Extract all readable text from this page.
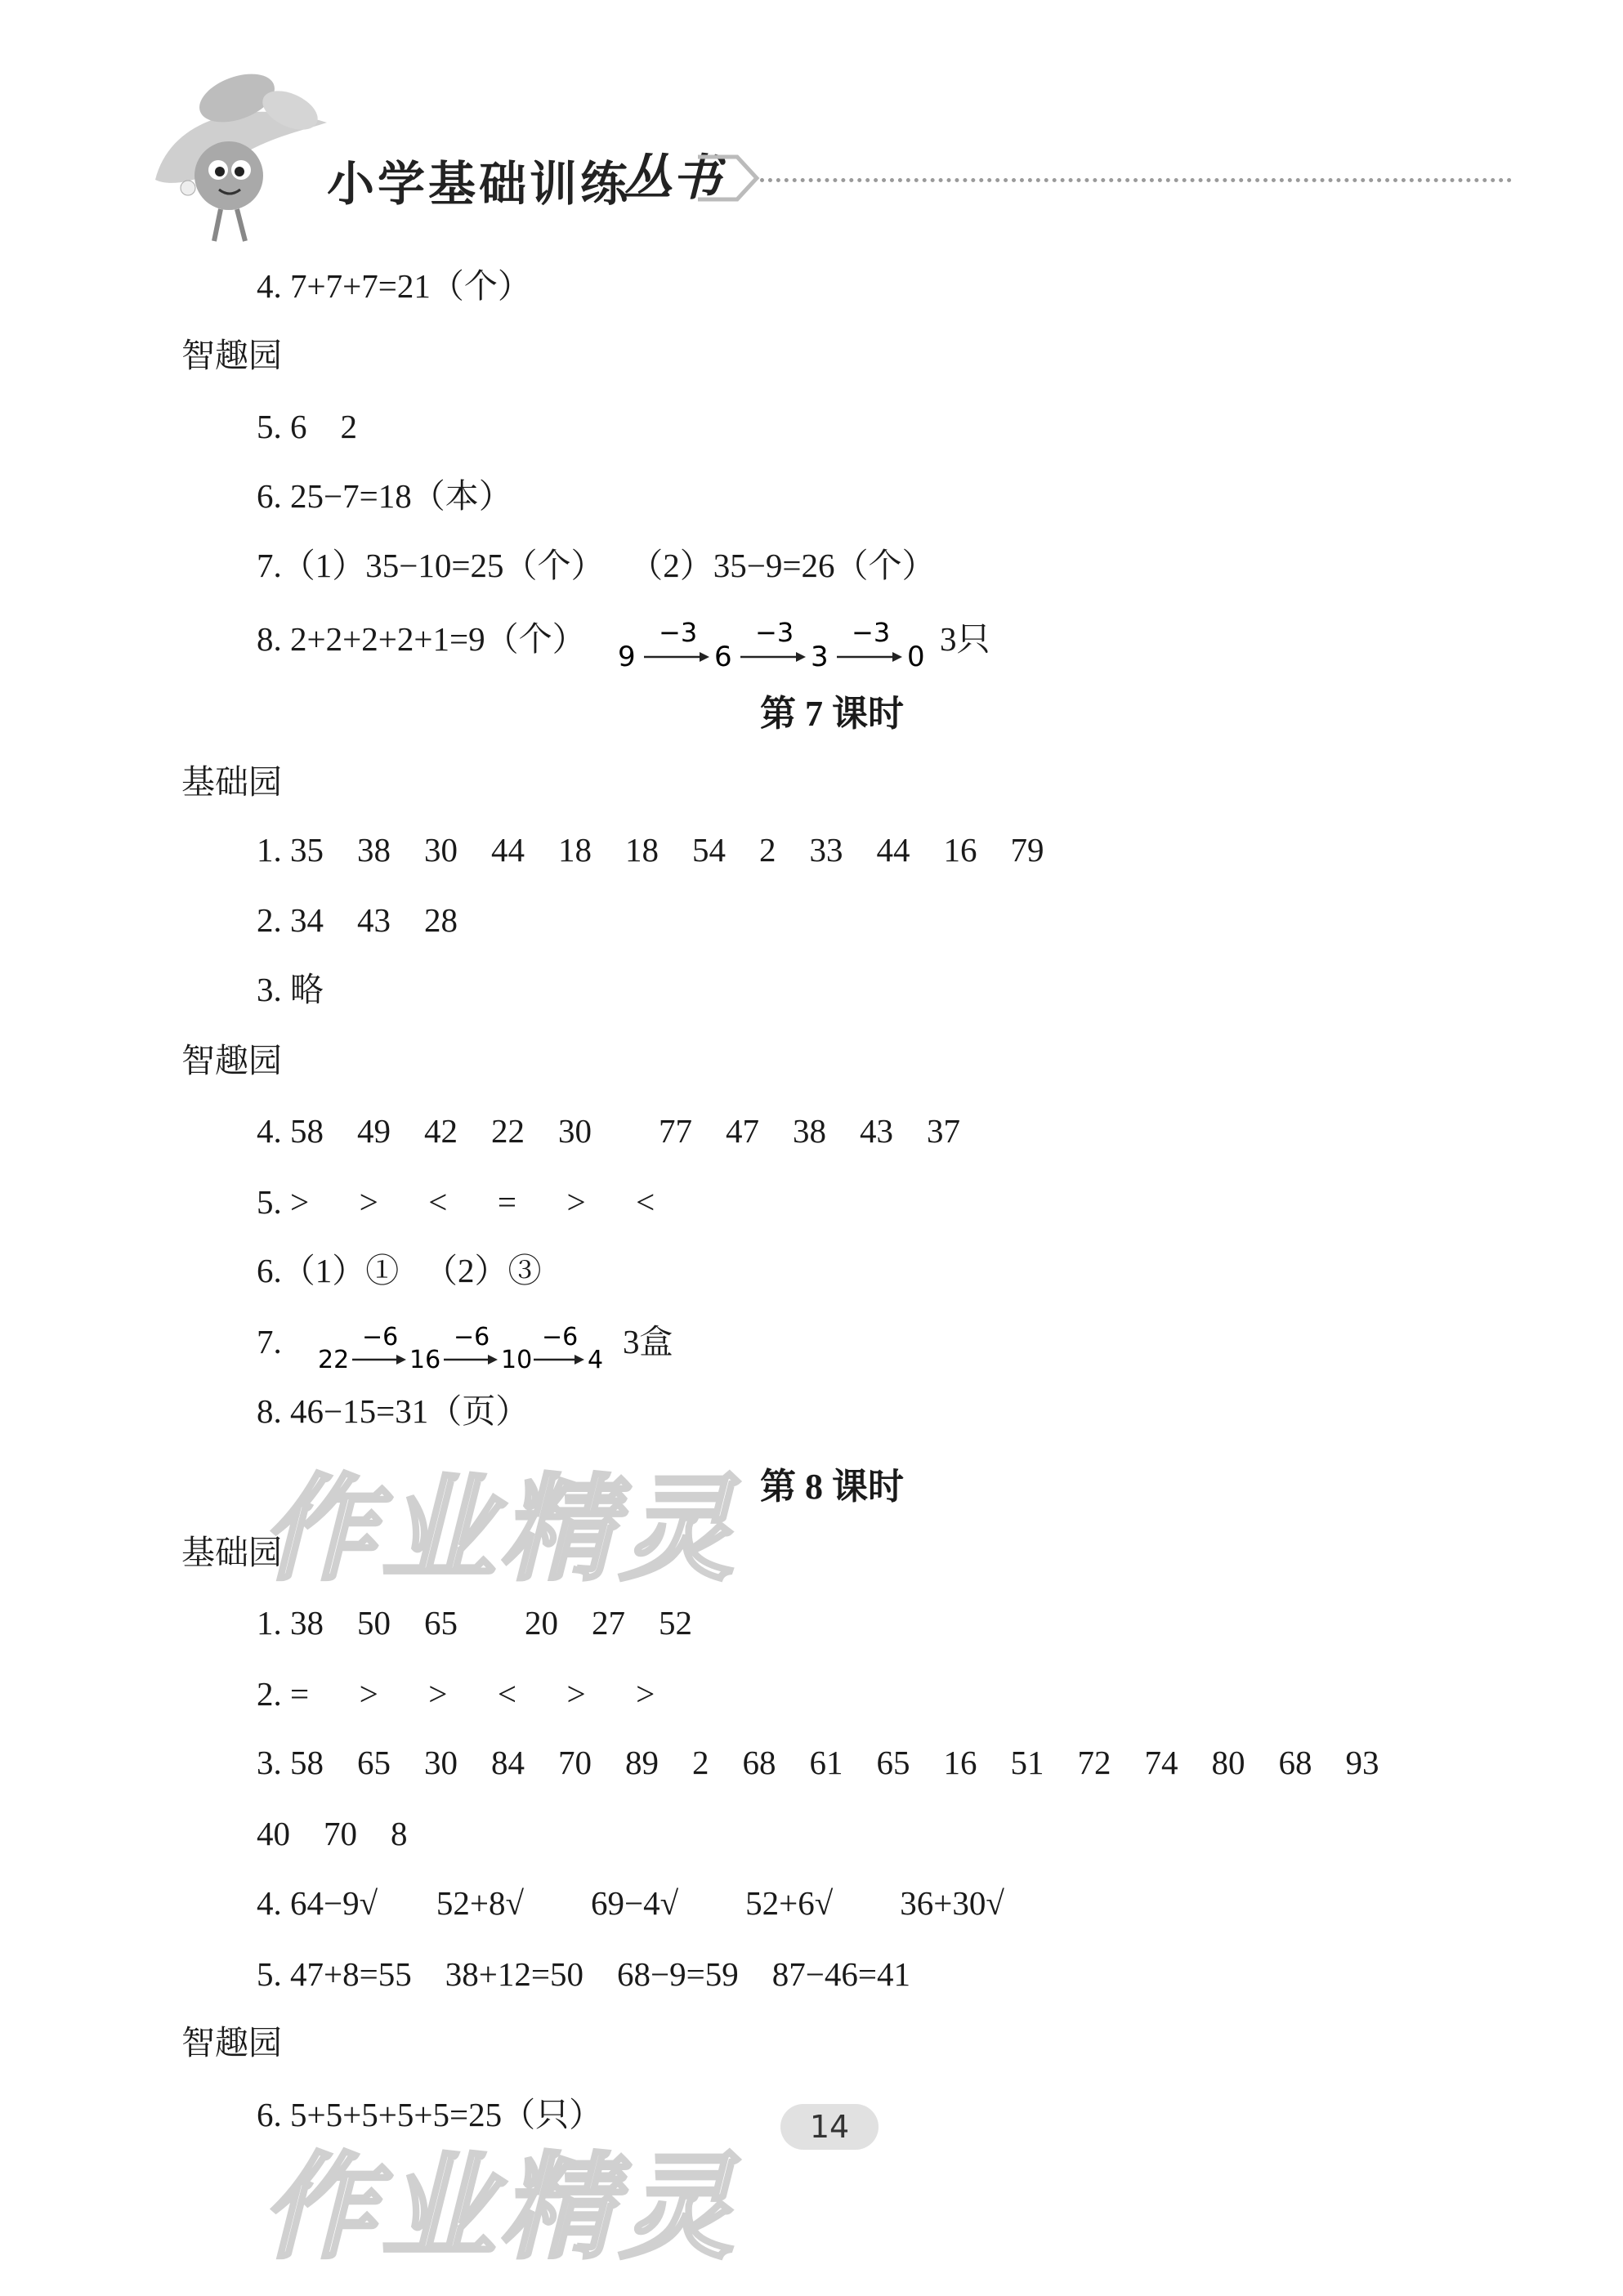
小学基础训练
丛书
4. 7+7+7=21（个）
智趣园
5. 6    2
6. 25−7=18（本）
7.（1）35−10=25（个）   （2）35−9=26（个）
8. 2+2+2+2+1=9（个） 9
−3
6
−3
3
−3
0 3只
第 7 课时
基础园
1. 35    38    30    44    18    18    54    2    33    44    16    79
2. 34    43    28
3. 略
智趣园
4. 58    49    42    22    30        77    47    38    43    37
5. >      >      <      =      >      <
6.（1）①   （2）③
7. 22
−6
16
−6
10
−6
4 3盒
8. 46−15=31（页）
作业精灵 第 8 课时
基础园
1. 38    50    65        20    27    52
2. =      >      >      <      >      >
3. 58    65    30    84    70    89    2    68    61    65    16    51    72    74    80    68    93
40    70    8
4. 64−9√       52+8√        69−4√        52+6√        36+30√
5. 47+8=55    38+12=50    68−9=59    87−46=41
智趣园
6. 5+5+5+5+5=25（只）	14
作业精灵
